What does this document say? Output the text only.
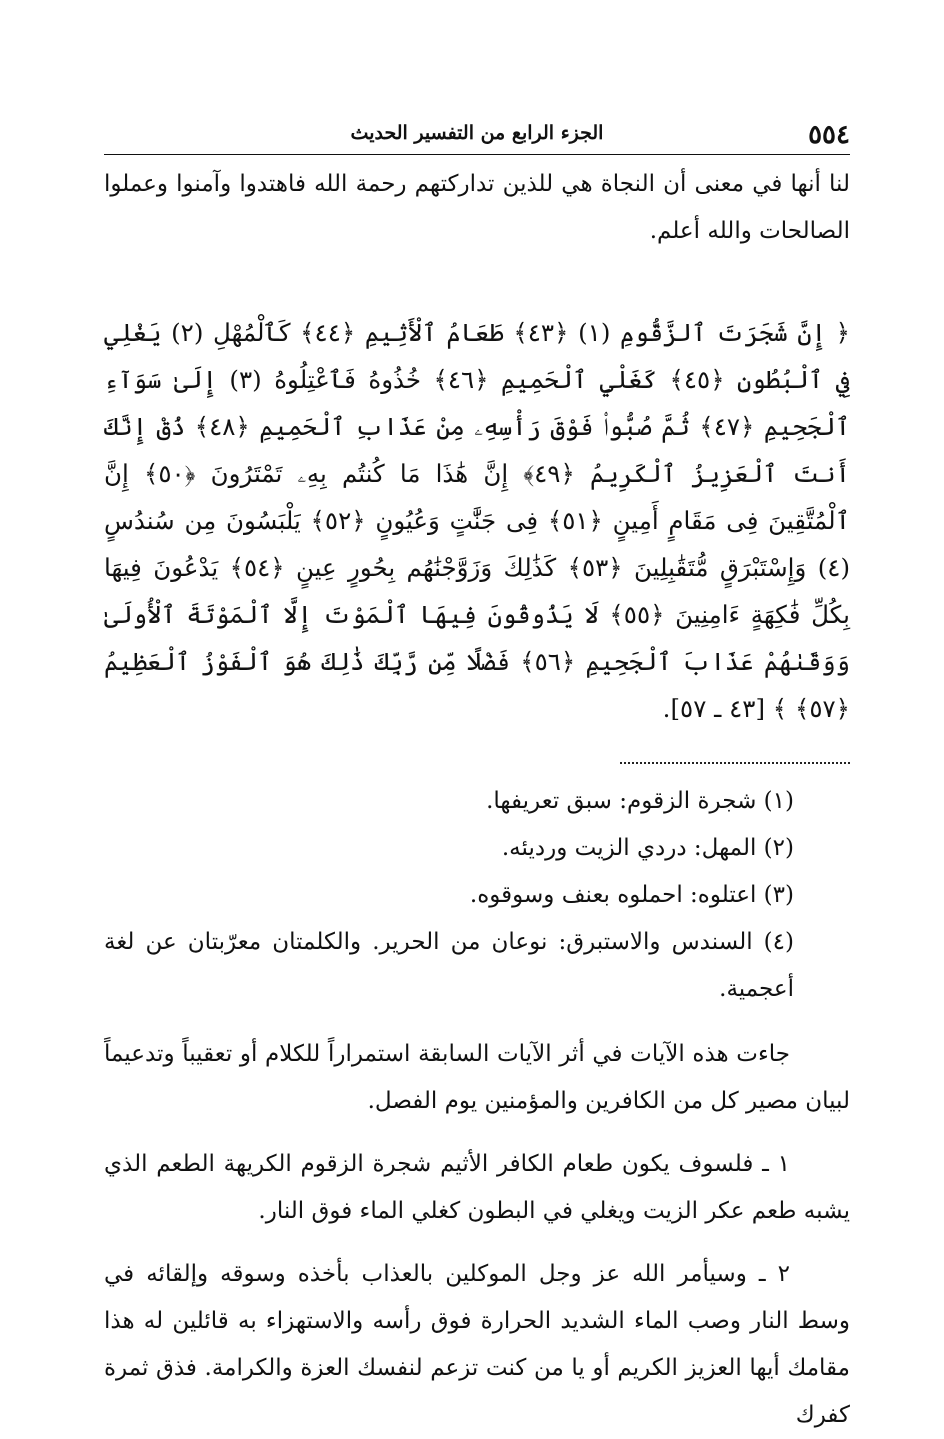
٥٥٤
الجزء الرابع من التفسير الحديث

لنا أنها في معنى أن النجاة هي للذين تداركتهم رحمة الله فاهتدوا وآمنوا وعملوا الصالحات والله أعلم.

﴿ إِنَّ شَجَرَتَ ٱلزَّقُّومِ (١) ﴿٤٣﴾ طَعَامُ ٱلْأَثِيمِ ﴿٤٤﴾ كَٱلْمُهْلِ (٢) يَغْلِي فِي ٱلْبُطُونِ ﴿٤٥﴾ كَغَلْيِ ٱلْحَمِيمِ ﴿٤٦﴾ خُذُوهُ فَٱعْتِلُوهُ (٣) إِلَىٰ سَوَآءِ ٱلْجَحِيمِ ﴿٤٧﴾ ثُمَّ صُبُّوا۟ فَوْقَ رَأْسِهِۦ مِنْ عَذَابِ ٱلْحَمِيمِ ﴿٤٨﴾ ذُقْ إِنَّكَ أَنتَ ٱلْعَزِيزُ ٱلْكَرِيمُ ﴿٤٩﴾ إِنَّ هَٰذَا مَا كُنتُم بِهِۦ تَمْتَرُونَ ﴿٥٠﴾ إِنَّ ٱلْمُتَّقِينَ فِى مَقَامٍ أَمِينٍ ﴿٥١﴾ فِى جَنَّٰتٍ وَعُيُونٍ ﴿٥٢﴾ يَلْبَسُونَ مِن سُندُسٍ (٤) وَإِسْتَبْرَقٍ مُّتَقَٰبِلِينَ ﴿٥٣﴾ كَذَٰلِكَ وَزَوَّجْنَٰهُم بِحُورٍ عِينٍ ﴿٥٤﴾ يَدْعُونَ فِيهَا بِكُلِّ فَٰكِهَةٍ ءَامِنِينَ ﴿٥٥﴾ لَا يَذُوقُونَ فِيهَا ٱلْمَوْتَ إِلَّا ٱلْمَوْتَةَ ٱلْأُولَىٰ وَوَقَىٰهُمْ عَذَابَ ٱلْجَحِيمِ ﴿٥٦﴾ فَضْلًا مِّن رَّبِّكَ ذَٰلِكَ هُوَ ٱلْفَوْزُ ٱلْعَظِيمُ ﴿٥٧﴾ ﴾ [٤٣ ـ ٥٧].

(١) شجرة الزقوم: سبق تعريفها.

(٢) المهل: دردي الزيت ورديئه.

(٣) اعتلوه: احملوه بعنف وسوقوه.

(٤) السندس والاستبرق: نوعان من الحرير. والكلمتان معرّبتان عن لغة أعجمية.

جاءت هذه الآيات في أثر الآيات السابقة استمراراً للكلام أو تعقيباً وتدعيماً لبيان مصير كل من الكافرين والمؤمنين يوم الفصل.

١ ـ فلسوف يكون طعام الكافر الأثيم شجرة الزقوم الكريهة الطعم الذي يشبه طعم عكر الزيت ويغلي في البطون كغلي الماء فوق النار.

٢ ـ وسيأمر الله عز وجل الموكلين بالعذاب بأخذه وسوقه وإلقائه في وسط النار وصب الماء الشديد الحرارة فوق رأسه والاستهزاء به قائلين له هذا مقامك أيها العزيز الكريم أو يا من كنت تزعم لنفسك العزة والكرامة. فذق ثمرة كفرك
